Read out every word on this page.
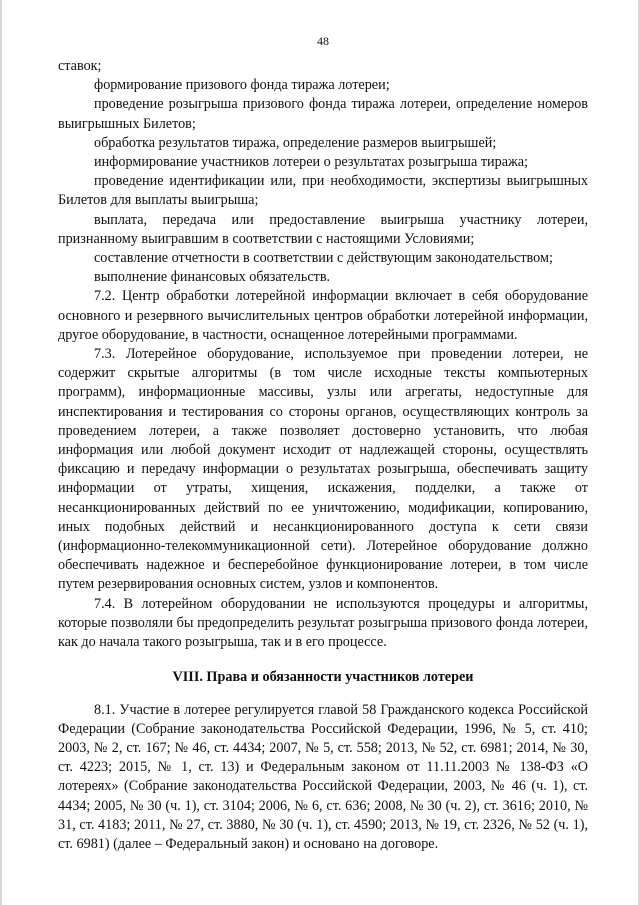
48

ставок;

формирование призового фонда тиража лотереи;

проведение розыгрыша призового фонда тиража лотереи, определение номеров выигрышных Билетов;

обработка результатов тиража, определение размеров выигрышей;

информирование участников лотереи о результатах розыгрыша тиража;

проведение идентификации или, при необходимости, экспертизы выигрышных Билетов для выплаты выигрыша;

выплата, передача или предоставление выигрыша участнику лотереи, признанному выигравшим в соответствии с настоящими Условиями;

составление отчетности в соответствии с действующим законодательством;

выполнение финансовых обязательств.

7.2. Центр обработки лотерейной информации включает в себя оборудование основного и резервного вычислительных центров обработки лотерейной информации, другое оборудование, в частности, оснащенное лотерейными программами.

7.3. Лотерейное оборудование, используемое при проведении лотереи, не содержит скрытые алгоритмы (в том числе исходные тексты компьютерных программ), информационные массивы, узлы или агрегаты, недоступные для инспектирования и тестирования со стороны органов, осуществляющих контроль за проведением лотереи, а также позволяет достоверно установить, что любая информация или любой документ исходит от надлежащей стороны, осуществлять фиксацию и передачу информации о результатах розыгрыша, обеспечивать защиту информации от утраты, хищения, искажения, подделки, а также от несанкционированных действий по ее уничтожению, модификации, копированию, иных подобных действий и несанкционированного доступа к сети связи (информационно-телекоммуникационной сети). Лотерейное оборудование должно обеспечивать надежное и бесперебойное функционирование лотереи, в том числе путем резервирования основных систем, узлов и компонентов.

7.4. В лотерейном оборудовании не используются процедуры и алгоритмы, которые позволяли бы предопределить результат розыгрыша призового фонда лотереи, как до начала такого розыгрыша, так и в его процессе.

VIII. Права и обязанности участников лотереи

8.1. Участие в лотерее регулируется главой 58 Гражданского кодекса Российской Федерации (Собрание законодательства Российской Федерации, 1996, № 5, ст. 410; 2003, № 2, ст. 167; № 46, ст. 4434; 2007, № 5, ст. 558; 2013, № 52, ст. 6981; 2014, № 30, ст. 4223; 2015, № 1, ст. 13) и Федеральным законом от 11.11.2003 № 138-ФЗ «О лотереях» (Собрание законодательства Российской Федерации, 2003, № 46 (ч. 1), ст. 4434; 2005, № 30 (ч. 1), ст. 3104; 2006, № 6, ст. 636; 2008, № 30 (ч. 2), ст. 3616; 2010, № 31, ст. 4183; 2011, № 27, ст. 3880, № 30 (ч. 1), ст. 4590; 2013, № 19, ст. 2326, № 52 (ч. 1), ст. 6981) (далее – Федеральный закон) и основано на договоре.
